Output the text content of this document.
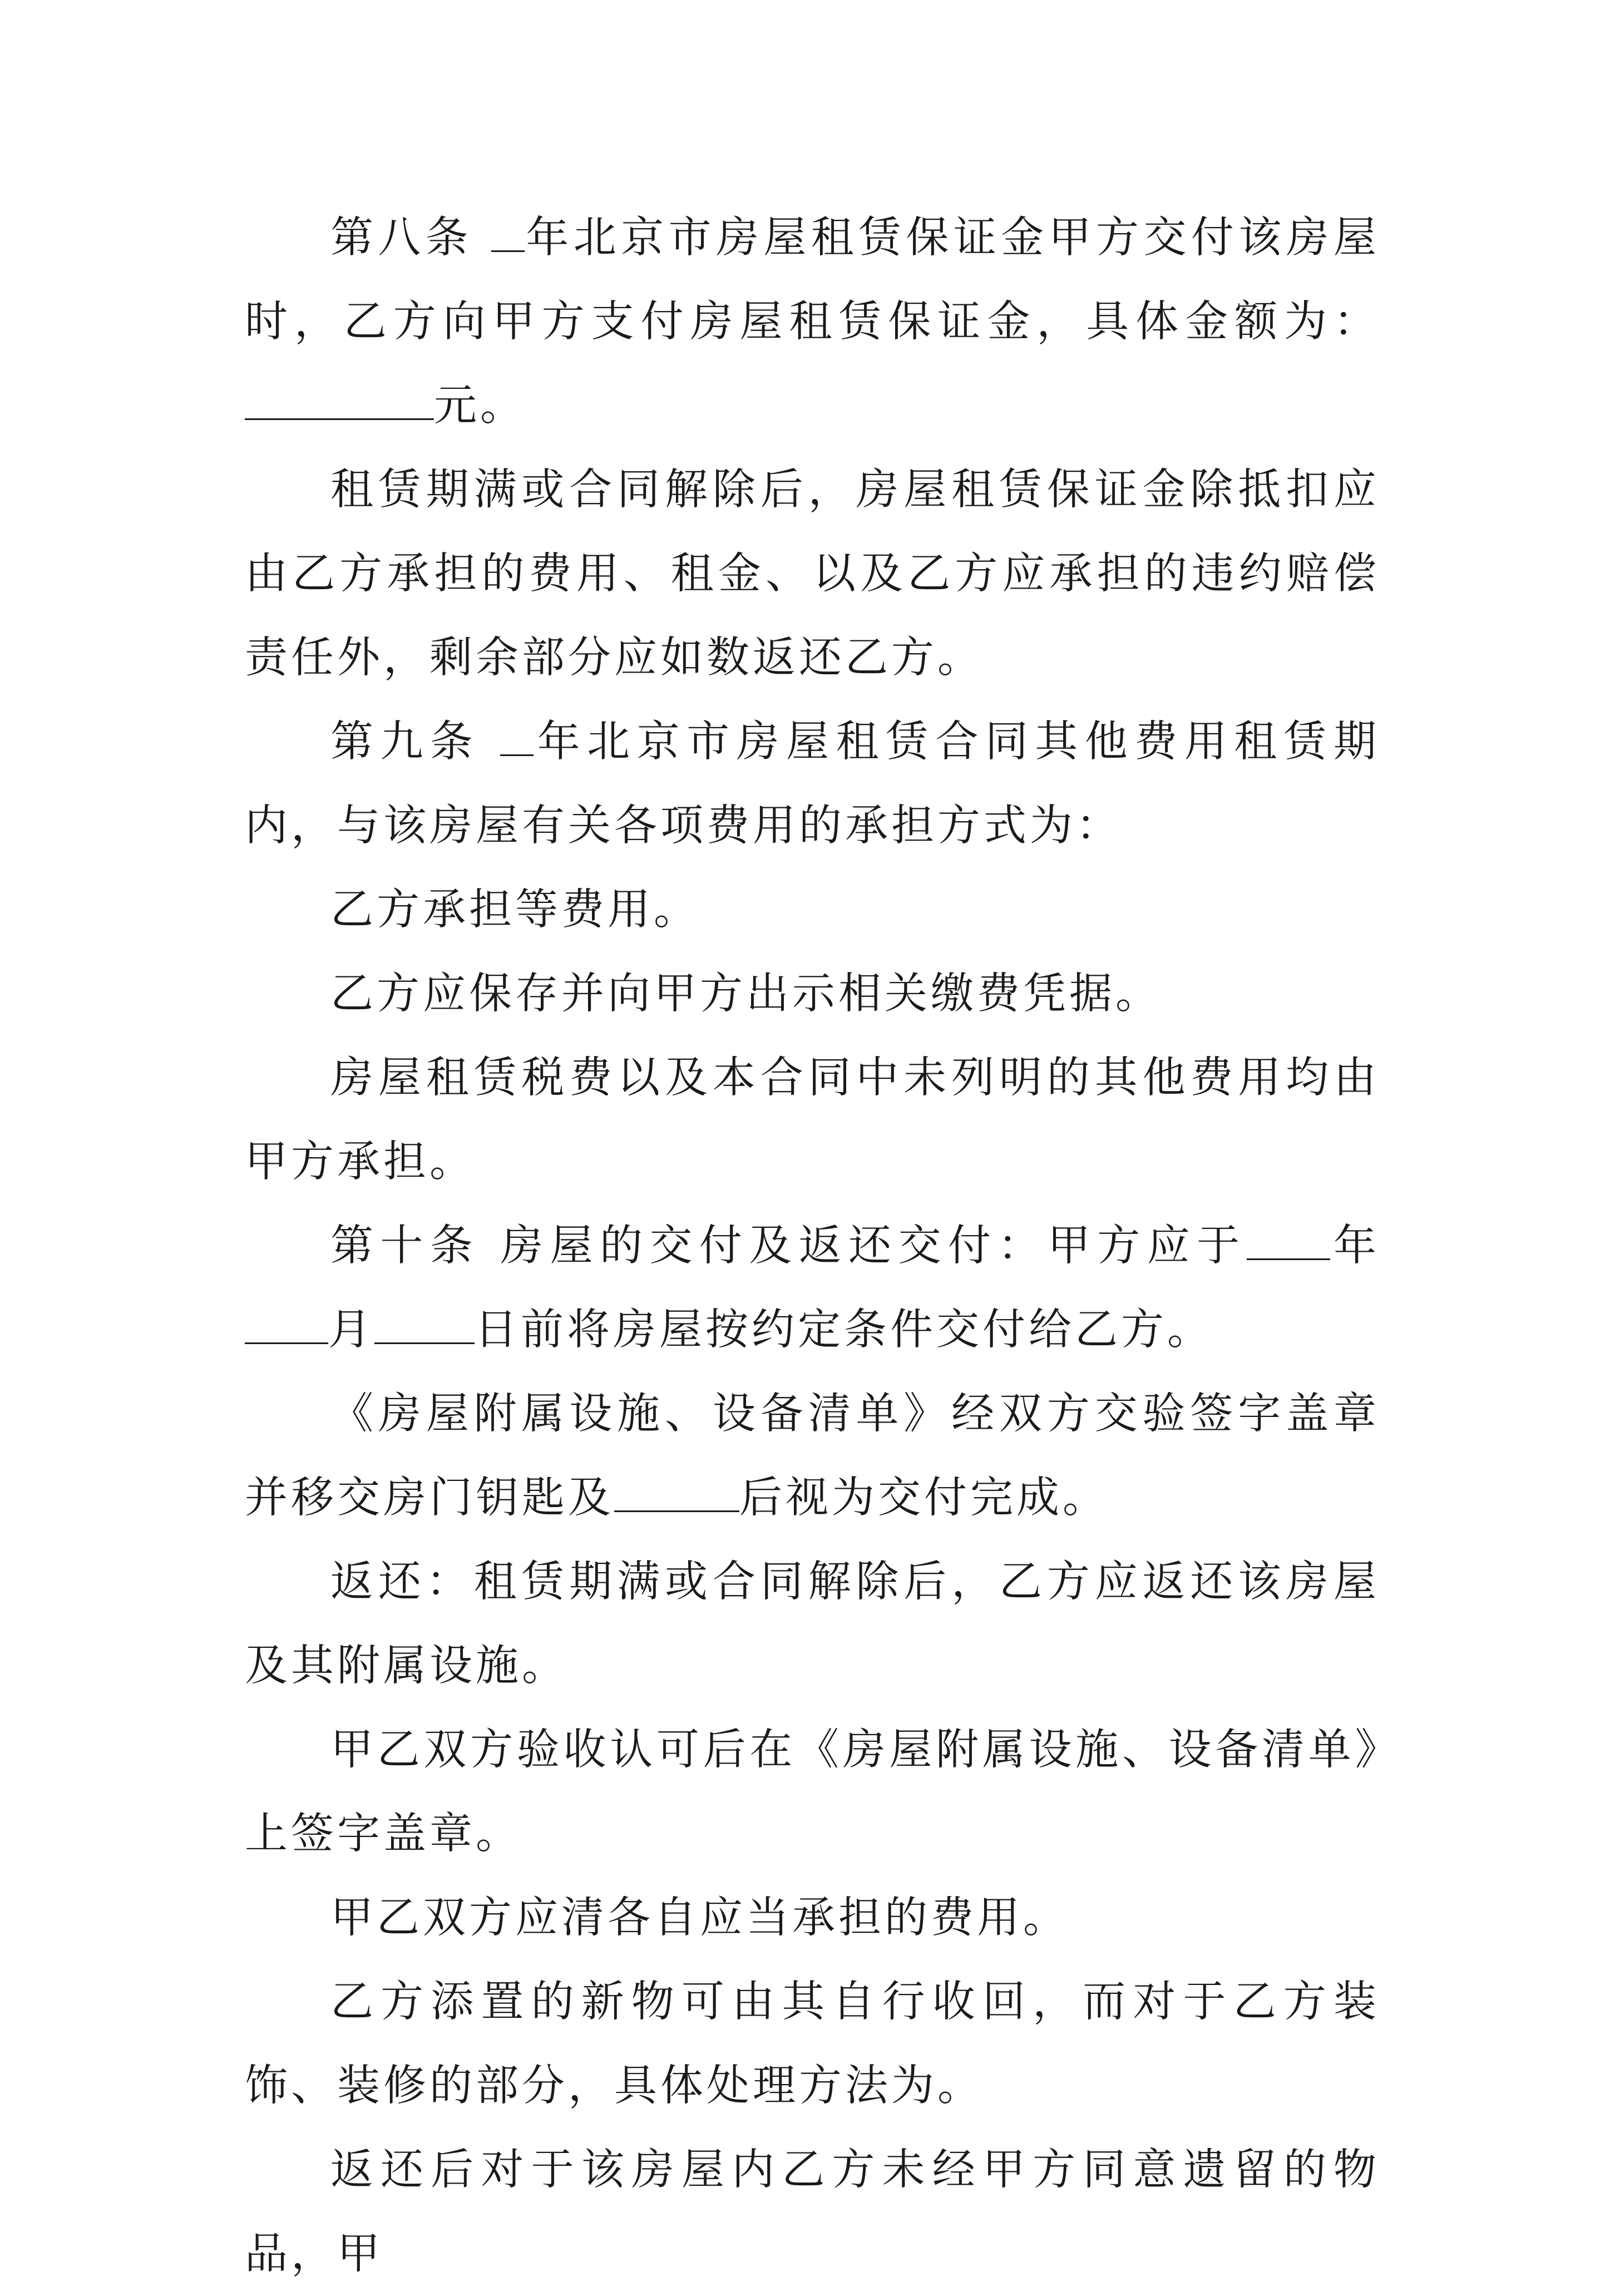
第八条 年北京市房屋租赁保证金甲方交付该房屋时，乙方向甲方支付房屋租赁保证金，具体金额为：元。

租赁期满或合同解除后，房屋租赁保证金除抵扣应由乙方承担的费用、租金、以及乙方应承担的违约赔偿责任外，剩余部分应如数返还乙方。

第九条 年北京市房屋租赁合同其他费用租赁期内，与该房屋有关各项费用的承担方式为：

乙方承担等费用。

乙方应保存并向甲方出示相关缴费凭据。

房屋租赁税费以及本合同中未列明的其他费用均由甲方承担。

第十条 房屋的交付及返还交付：甲方应于 年月 日前将房屋按约定条件交付给乙方。

《房屋附属设施、设备清单》经双方交验签字盖章并移交房门钥匙及	后视为交付完成。

返还：租赁期满或合同解除后，乙方应返还该房屋及其附属设施。

甲乙双方验收认可后在《房屋附属设施、设备清单》上签字盖章。

甲乙双方应清各自应当承担的费用。

乙方添置的新物可由其自行收回，而对于乙方装饰、装修的部分，具体处理方法为。

返还后对于该房屋内乙方未经甲方同意遗留的物品，甲
